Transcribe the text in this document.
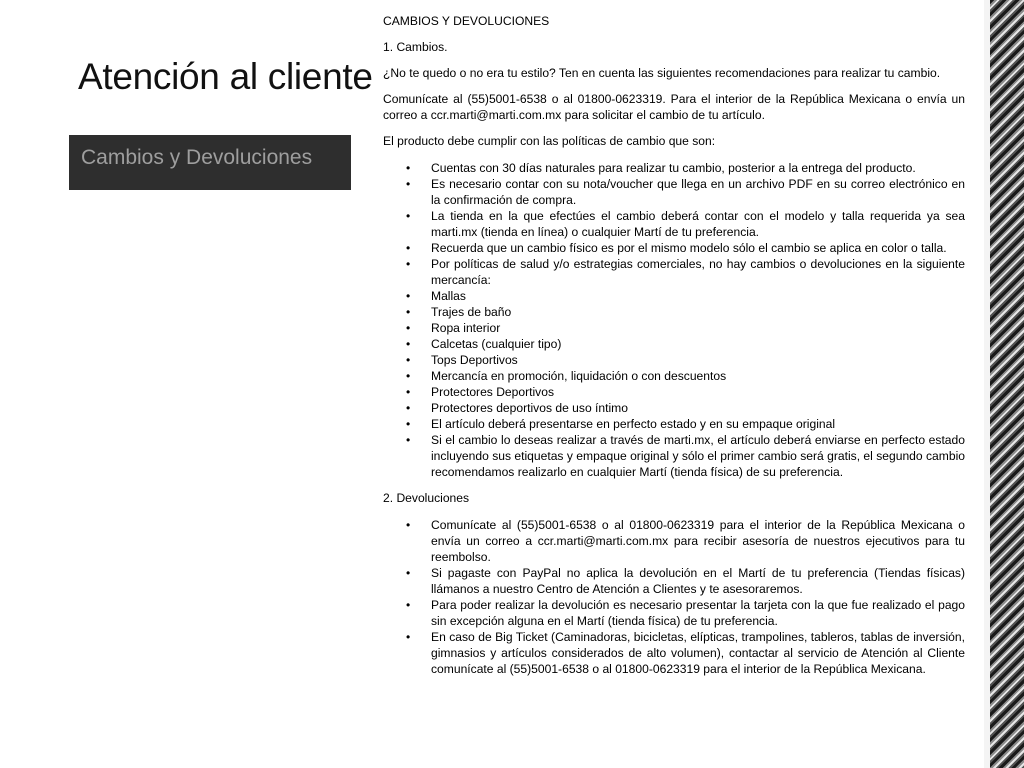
Atención al cliente
Cambios y Devoluciones

CAMBIOS Y DEVOLUCIONES

1. Cambios.

¿No te quedo o no era tu estilo? Ten en cuenta las siguientes recomendaciones para realizar tu cambio.

Comunícate al (55)5001-6538 o al 01800-0623319. Para el interior de la República Mexicana o envía un correo a ccr.marti@marti.com.mx para solicitar el cambio de tu artículo.

El producto debe cumplir con las políticas de cambio que son:

• Cuentas con 30 días naturales para realizar tu cambio, posterior a la entrega del producto.
• Es necesario contar con su nota/voucher que llega en un archivo PDF en su correo electrónico en la confirmación de compra.
• La tienda en la que efectúes el cambio deberá contar con el modelo y talla requerida ya sea marti.mx (tienda en línea) o cualquier Martí de tu preferencia.
• Recuerda que un cambio físico es por el mismo modelo sólo el cambio se aplica en color o talla.
• Por políticas de salud y/o estrategias comerciales, no hay cambios o devoluciones en la siguiente mercancía:
• Mallas
• Trajes de baño
• Ropa interior
• Calcetas (cualquier tipo)
• Tops Deportivos
• Mercancía en promoción, liquidación o con descuentos
• Protectores Deportivos
• Protectores deportivos de uso íntimo
• El artículo deberá presentarse en perfecto estado y en su empaque original
• Si el cambio lo deseas realizar a través de marti.mx, el artículo deberá enviarse en perfecto estado incluyendo sus etiquetas y empaque original y sólo el primer cambio será gratis, el segundo cambio recomendamos realizarlo en cualquier Martí (tienda física) de su preferencia.

2. Devoluciones

• Comunícate al (55)5001-6538 o al 01800-0623319 para el interior de la República Mexicana o envía un correo a ccr.marti@marti.com.mx para recibir asesoría de nuestros ejecutivos para tu reembolso.
• Si pagaste con PayPal no aplica la devolución en el Martí de tu preferencia (Tiendas físicas) llámanos a nuestro Centro de Atención a Clientes y te asesoraremos.
• Para poder realizar la devolución es necesario presentar la tarjeta con la que fue realizado el pago sin excepción alguna en el Martí (tienda física) de tu preferencia.
• En caso de Big Ticket (Caminadoras, bicicletas, elípticas, trampolines, tableros, tablas de inversión, gimnasios y artículos considerados de alto volumen), contactar al servicio de Atención al Cliente comunícate al (55)5001-6538 o al 01800-0623319 para el interior de la República Mexicana.
